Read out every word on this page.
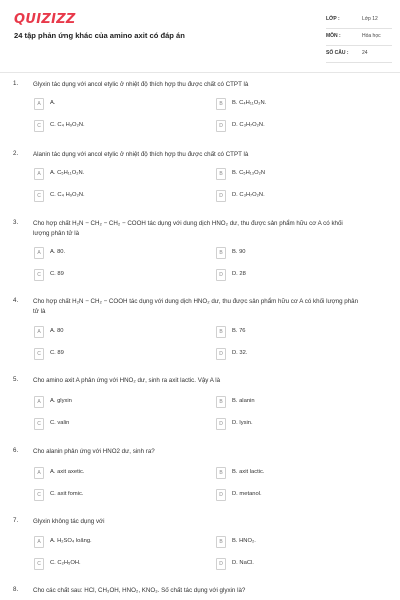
QUIZIZZ
24 tập phản ứng khác của amino axit có đáp án
LỚP :	Lớp 12
MÔN :	Hóa học
SỐ CÂU :	24
1. Glyxin tác dụng với ancol etylic ở nhiệt độ thích hợp thu được chất có CTPT là
A	A.	B	B. C₄H₁₁O₂N.
C	C. C₄ H₉O₂N.	D	D. C₃H₇O₂N.
2. Alanin tác dụng với ancol etylic ở nhiệt độ thích hợp thu được chất có CTPT là
A	A. C₅H₁₁O₂N.	B	B. C₅H₁₃O₂N
C	C. C₄ H₉O₂N.	D	D. C₃H₇O₂N.
3. Cho hợp chất H₂N − CH₂ − CH₂ − COOH tác dụng với dung dịch HNO₂ dư, thu được sản phẩm hữu cơ A có khối lượng phân tử là
A	A. 80.	B	B. 90
C	C. 89	D	D. 28
4. Cho hợp chất H₂N − CH₂ − COOH tác dụng với dung dịch HNO₂ dư, thu được sản phẩm hữu cơ A có khối lượng phân tử là
A	A. 80	B	B. 76
C	C. 89	D	D. 32.
5. Cho amino axit A phản ứng với HNO₂ dư, sinh ra axit lactic. Vậy A là
A	A. glyxin	B	B. alanin
C	C. valin	D	D. lysin.
6. Cho alanin phản ứng với HNO2 dư, sinh ra?
A	A. axit axetic.	B	B. axit lactic.
C	C. axit fomic.	D	D. metanol.
7. Glyxin không tác dụng với
A	A. H₂SO₄ loãng.	B	B. HNO₂.
C	C. C₂H₅OH.	D	D. NaCl.
8. Cho các chất sau: HCl, CH₃OH, HNO₂, KNO₃. Số chất tác dụng với glyxin là?
